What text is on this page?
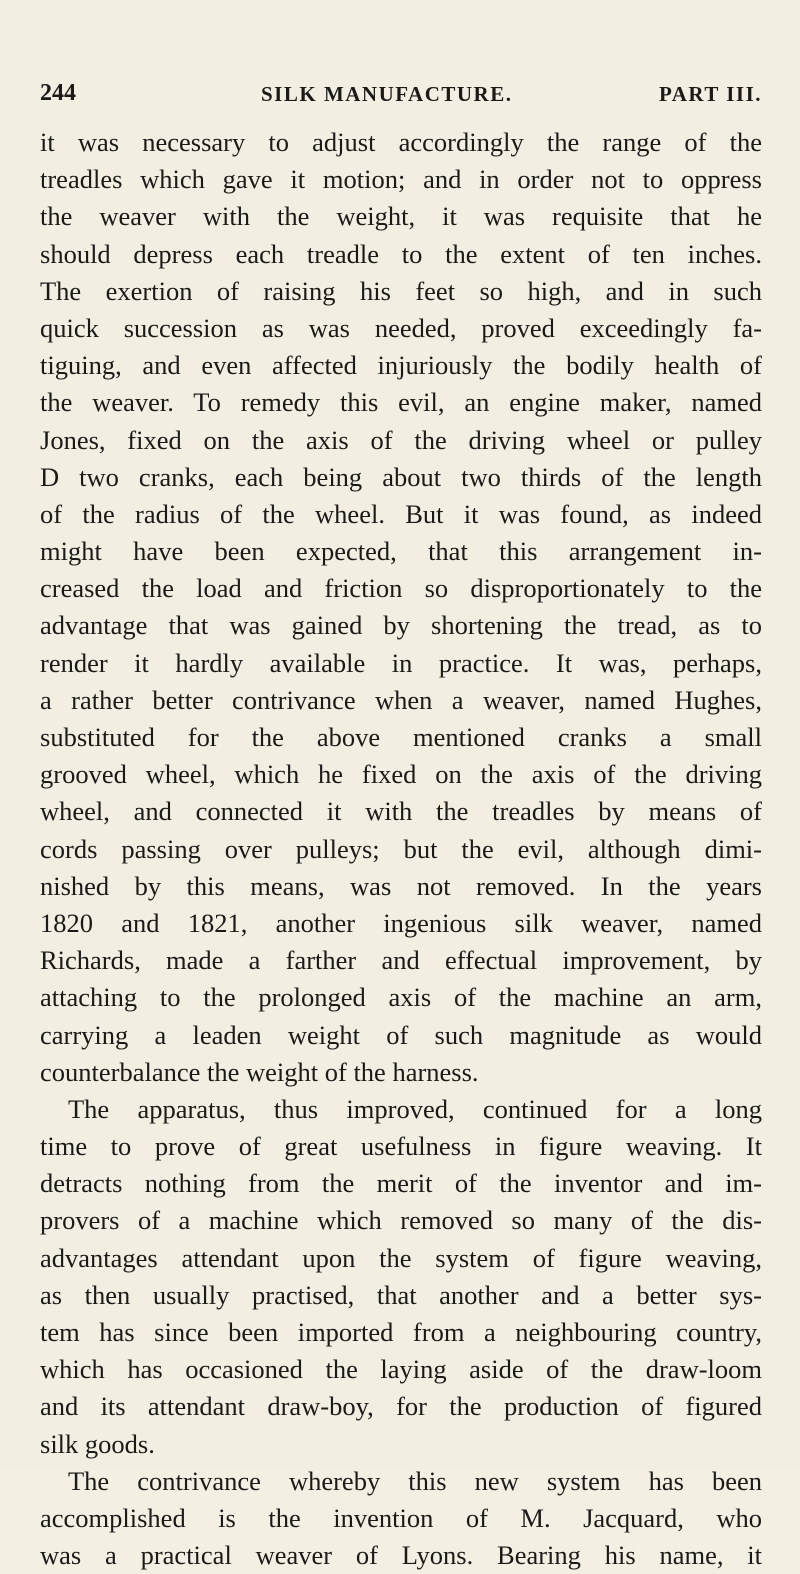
244	SILK MANUFACTURE.	PART III.
it was necessary to adjust accordingly the range of the
treadles which gave it motion; and in order not to oppress
the weaver with the weight, it was requisite that he
should depress each treadle to the extent of ten inches.
The exertion of raising his feet so high, and in such
quick succession as was needed, proved exceedingly fa-
tiguing, and even affected injuriously the bodily health of
the weaver. To remedy this evil, an engine maker, named
Jones, fixed on the axis of the driving wheel or pulley
D two cranks, each being about two thirds of the length
of the radius of the wheel. But it was found, as indeed
might have been expected, that this arrangement in-
creased the load and friction so disproportionately to the
advantage that was gained by shortening the tread, as to
render it hardly available in practice. It was, perhaps,
a rather better contrivance when a weaver, named Hughes,
substituted for the above mentioned cranks a small
grooved wheel, which he fixed on the axis of the driving
wheel, and connected it with the treadles by means of
cords passing over pulleys; but the evil, although dimi-
nished by this means, was not removed. In the years
1820 and 1821, another ingenious silk weaver, named
Richards, made a farther and effectual improvement, by
attaching to the prolonged axis of the machine an arm,
carrying a leaden weight of such magnitude as would
counterbalance the weight of the harness.
The apparatus, thus improved, continued for a long
time to prove of great usefulness in figure weaving. It
detracts nothing from the merit of the inventor and im-
provers of a machine which removed so many of the dis-
advantages attendant upon the system of figure weaving,
as then usually practised, that another and a better sys-
tem has since been imported from a neighbouring country,
which has occasioned the laying aside of the draw-loom
and its attendant draw-boy, for the production of figured
silk goods.
The contrivance whereby this new system has been
accomplished is the invention of M. Jacquard, who
was a practical weaver of Lyons. Bearing his name, it
